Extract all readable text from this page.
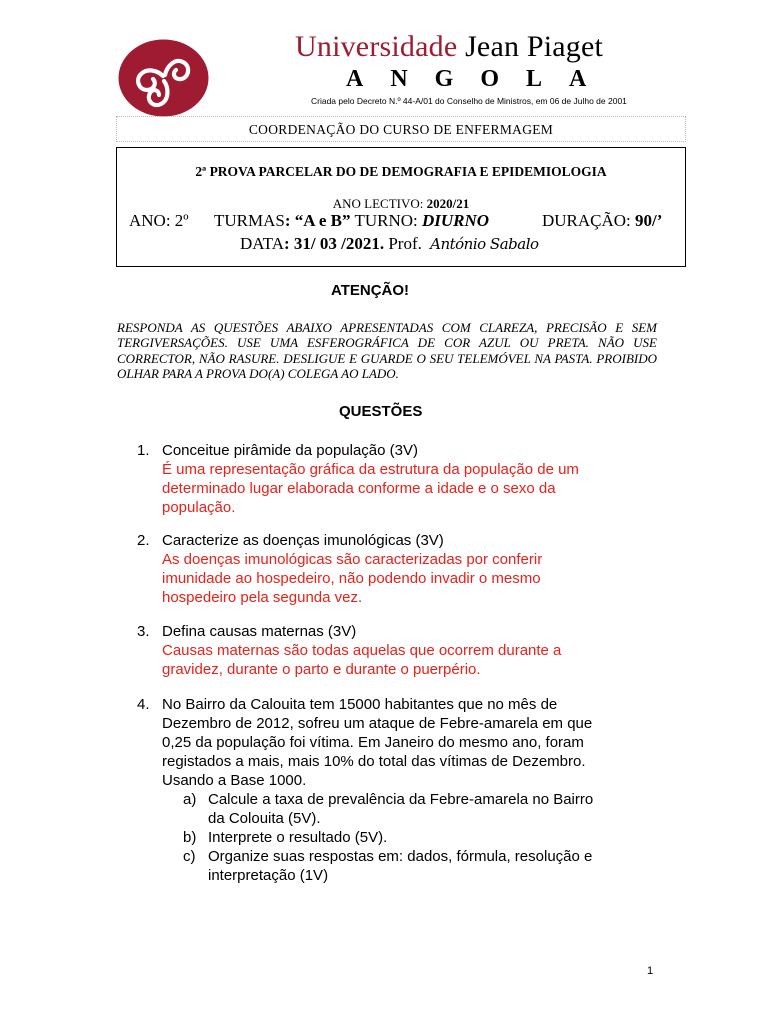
Universidade Jean Piaget
ANGOLA
Criada pelo Decreto N.º 44-A/01 do Conselho de Ministros, em 06 de Julho de 2001
COORDENAÇÃO DO CURSO DE ENFERMAGEM
2ª PROVA PARCELAR DO DE DEMOGRAFIA E EPIDEMIOLOGIA
ANO LECTIVO: 2020/21
ANO: 2º TURMAS: “A e B” TURNO: DIURNO	DURAÇÃO: 90/’
DATA: 31/ 03 /2021. Prof. António Sabalo
ATENÇÃO!
RESPONDA AS QUESTÕES ABAIXO APRESENTADAS COM CLAREZA, PRECISÃO E SEM TERGIVERSAÇÕES. USE UMA ESFEROGRÁFICA DE COR AZUL OU PRETA. NÃO USE CORRECTOR, NÃO RASURE. DESLIGUE E GUARDE O SEU TELEMÓVEL NA PASTA. PROIBIDO OLHAR PARA A PROVA DO(A) COLEGA AO LADO.
QUESTÕES
1. Conceitue pirâmide da população (3V)
É uma representação gráfica da estrutura da população de um
determinado lugar elaborada conforme a idade e o sexo da
população.
2. Caracterize as doenças imunológicas (3V)
As doenças imunológicas são caracterizadas por conferir
imunidade ao hospedeiro, não podendo invadir o mesmo
hospedeiro pela segunda vez.
3. Defina causas maternas (3V)
Causas maternas são todas aquelas que ocorrem durante a
gravidez, durante o parto e durante o puerpério.
4. No Bairro da Calouita tem 15000 habitantes que no mês de
Dezembro de 2012, sofreu um ataque de Febre-amarela em que
0,25 da população foi vítima. Em Janeiro do mesmo ano, foram
registados a mais, mais 10% do total das vítimas de Dezembro.
Usando a Base 1000.
a) Calcule a taxa de prevalência da Febre-amarela no Bairro
da Colouita (5V).
b) Interprete o resultado (5V).
c) Organize suas respostas em: dados, fórmula, resolução e
interpretação (1V)
1
